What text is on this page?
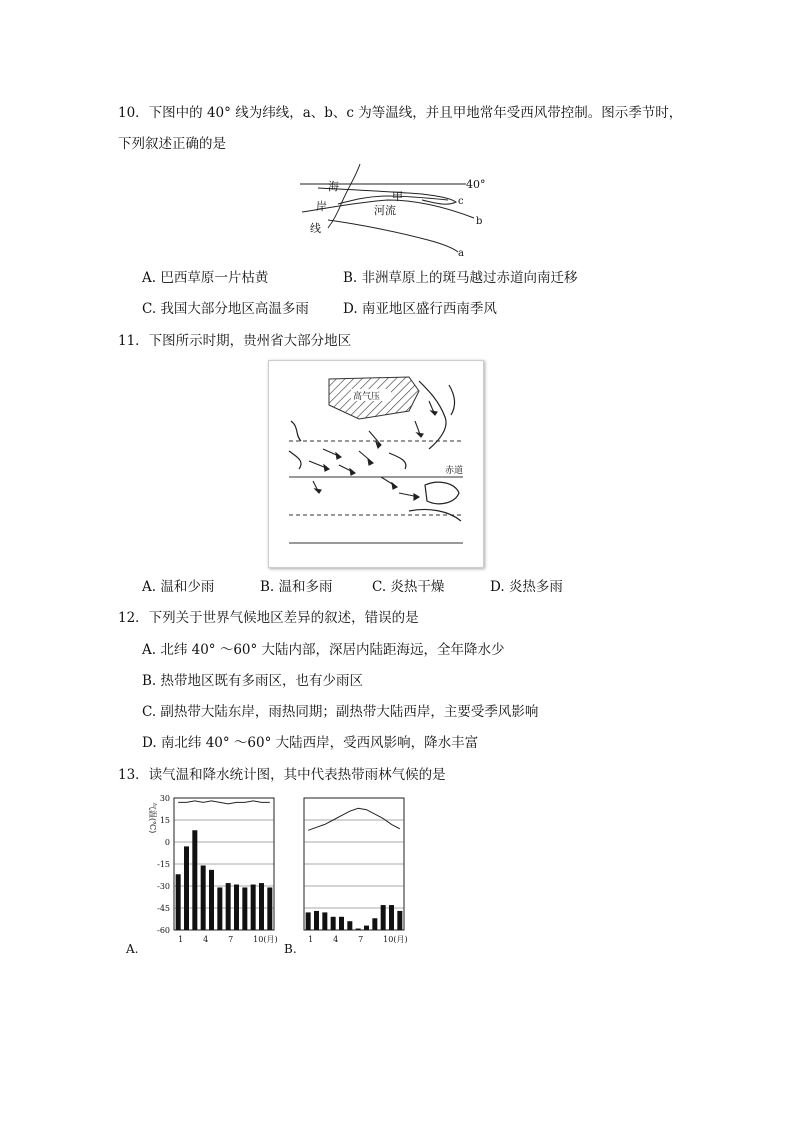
10．下图中的 40° 线为纬线，a、b、c 为等温线，并且甲地常年受西风带控制。图示季节时，
下列叙述正确的是
40°
海
甲	c
岸	河流
b
线
a
A. 巴西草原一片枯黄	B. 非洲草原上的斑马越过赤道向南迁移
C. 我国大部分地区高温多雨	D. 南亚地区盛行西南季风
11．下图所示时期，贵州省大部分地区
高气压
赤道
A. 温和少雨	B. 温和多雨	C. 炎热干燥	D. 炎热多雨
12．下列关于世界气候地区差异的叙述，错误的是
A. 北纬 40° ～60° 大陆内部，深居内陆距海远，全年降水少
B. 热带地区既有多雨区，也有少雨区
C. 副热带大陆东岸，雨热同期；副热带大陆西岸，主要受季风影响
D. 南北纬 40° ～60° 大陆西岸，受西风影响，降水丰富
13．读气温和降水统计图，其中代表热带雨林气候的是
30
15
0
-15
-30
-45
-60
气温(℃)
1 4 7 10(月)
A.
1 4 7 10(月)
B.
